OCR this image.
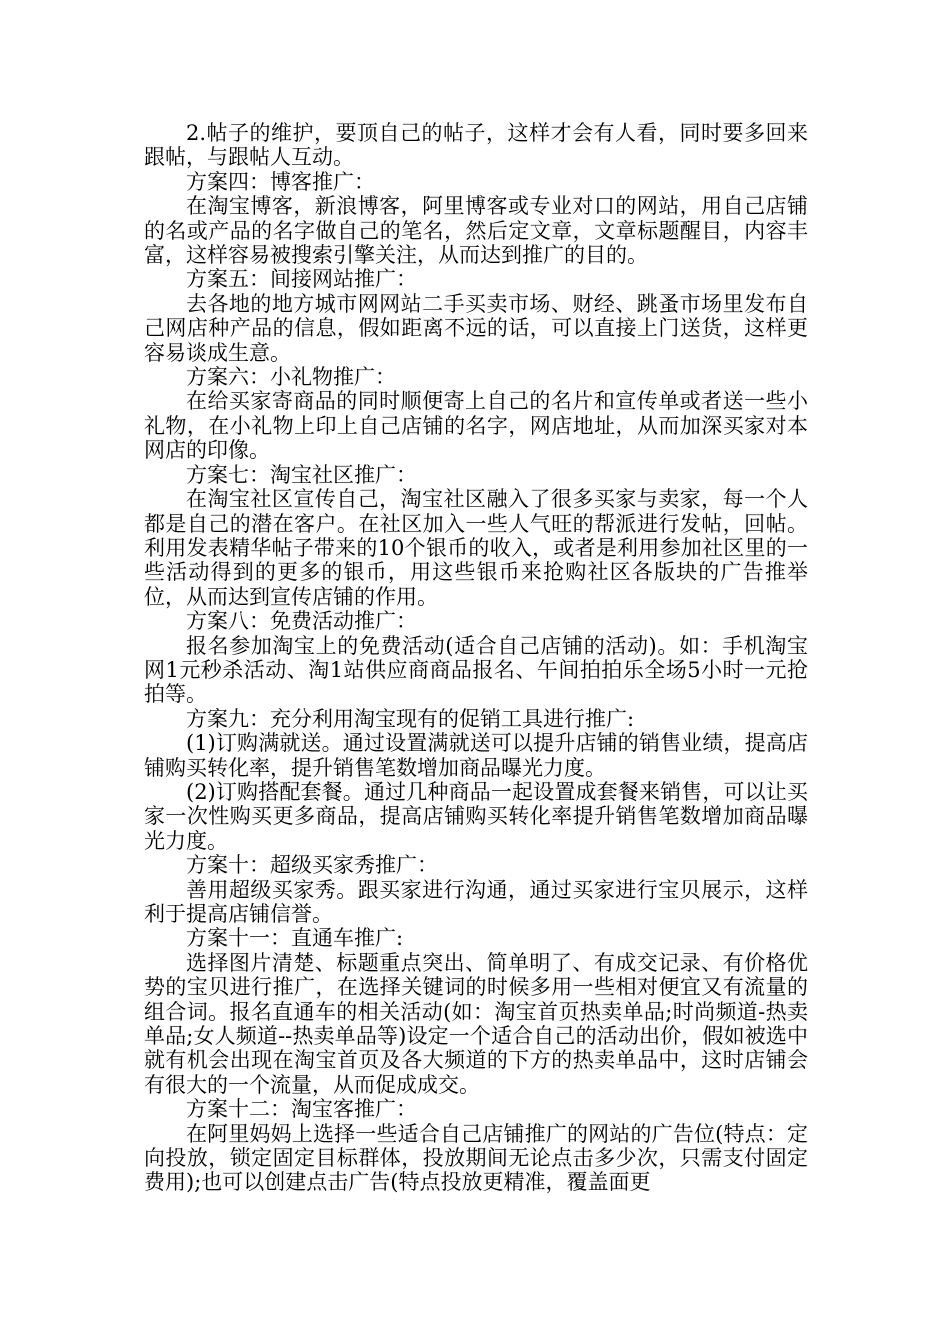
2.帖子的维护，要顶自己的帖子，这样才会有人看，同时要多回来跟帖，与跟帖人互动。

方案四：博客推广：

在淘宝博客，新浪博客，阿里博客或专业对口的网站，用自己店铺的名或产品的名字做自己的笔名，然后定文章，文章标题醒目，内容丰富，这样容易被搜索引擎关注，从而达到推广的目的。

方案五：间接网站推广：

去各地的地方城市网网站二手买卖市场、财经、跳蚤市场里发布自己网店种产品的信息，假如距离不远的话，可以直接上门送货，这样更容易谈成生意。

方案六：小礼物推广：

在给买家寄商品的同时顺便寄上自己的名片和宣传单或者送一些小礼物，在小礼物上印上自己店铺的名字，网店地址，从而加深买家对本网店的印像。

方案七：淘宝社区推广：

在淘宝社区宣传自己，淘宝社区融入了很多买家与卖家，每一个人都是自己的潜在客户。在社区加入一些人气旺的帮派进行发帖，回帖。利用发表精华帖子带来的10个银币的收入，或者是利用参加社区里的一些活动得到的更多的银币，用这些银币来抢购社区各版块的广告推举位，从而达到宣传店铺的作用。

方案八：免费活动推广：

报名参加淘宝上的免费活动(适合自己店铺的活动)。如：手机淘宝网1元秒杀活动、淘1站供应商商品报名、午间拍拍乐全场5小时一元抢拍等。

方案九：充分利用淘宝现有的促销工具进行推广:

(1)订购满就送。通过设置满就送可以提升店铺的销售业绩，提高店铺购买转化率，提升销售笔数增加商品曝光力度。

(2)订购搭配套餐。通过几种商品一起设置成套餐来销售，可以让买家一次性购买更多商品，提高店铺购买转化率提升销售笔数增加商品曝光力度。

方案十：超级买家秀推广：

善用超级买家秀。跟买家进行沟通，通过买家进行宝贝展示，这样利于提高店铺信誉。

方案十一：直通车推广:

选择图片清楚、标题重点突出、简单明了、有成交记录、有价格优势的宝贝进行推广，在选择关键词的时候多用一些相对便宜又有流量的组合词。报名直通车的相关活动(如：淘宝首页热卖单品;时尚频道-热卖单品;女人频道--热卖单品等)设定一个适合自己的活动出价，假如被选中就有机会出现在淘宝首页及各大频道的下方的热卖单品中，这时店铺会有很大的一个流量，从而促成成交。

方案十二：淘宝客推广：

在阿里妈妈上选择一些适合自己店铺推广的网站的广告位(特点：定向投放，锁定固定目标群体，投放期间无论点击多少次，只需支付固定费用);也可以创建点击广告(特点投放更精准，覆盖面更
